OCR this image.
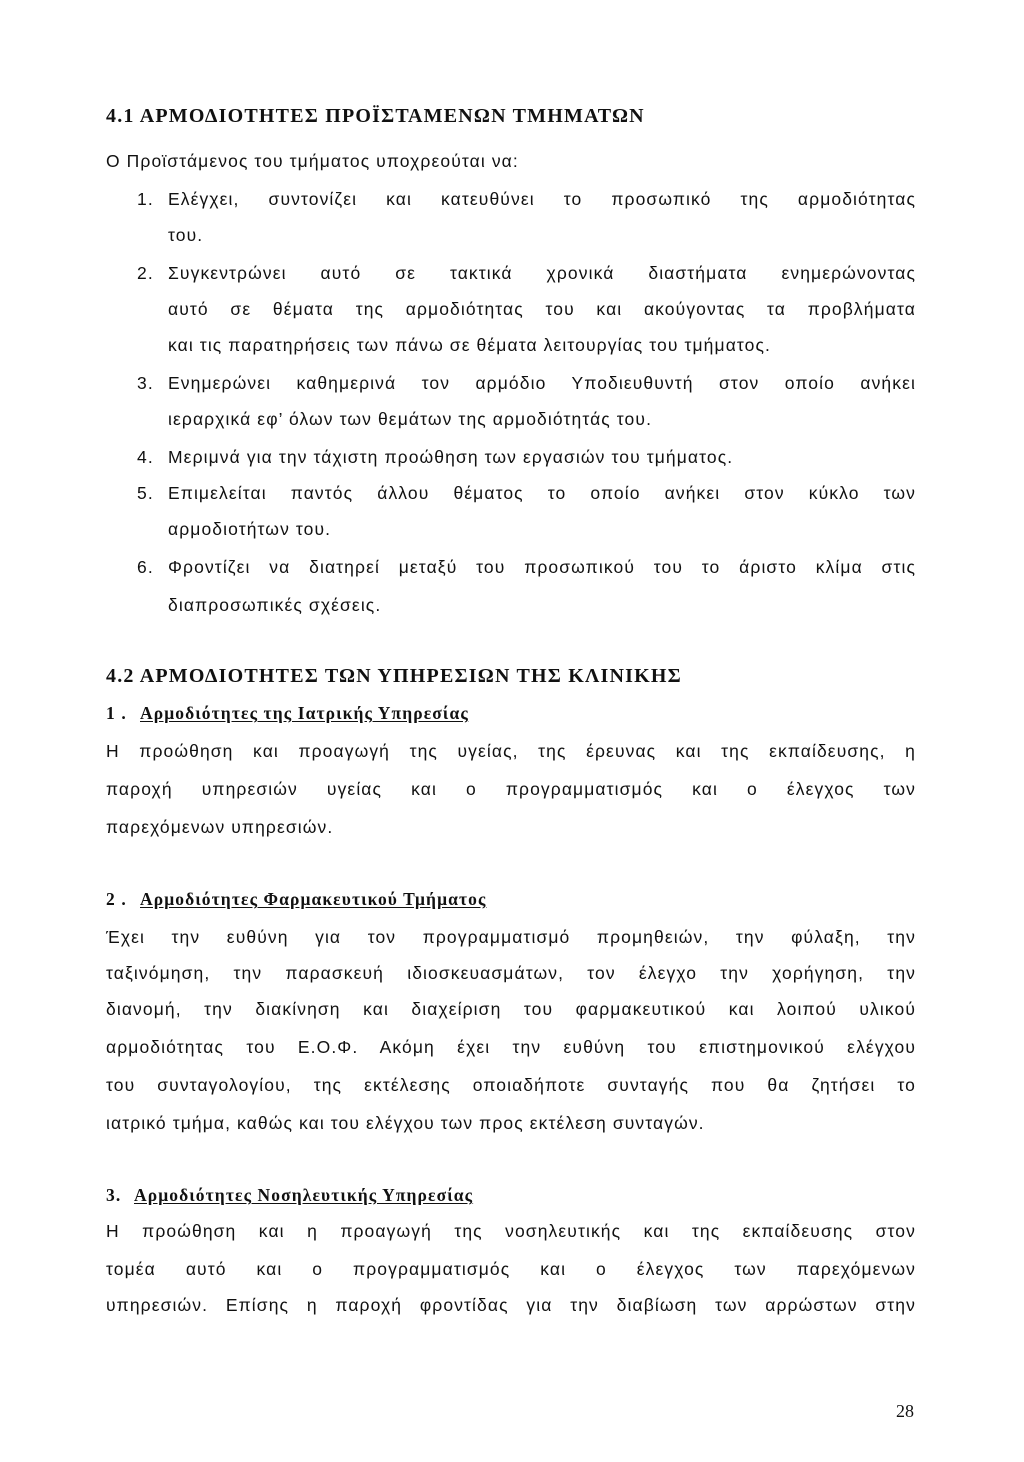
4.1 ΑΡΜΟΔΙΟΤΗΤΕΣ ΠΡΟΪΣΤΑΜΕΝΩΝ ΤΜΗΜΑΤΩΝ
Ο Προϊστάμενος του τμήματος υποχρεούται να:
1. Ελέγχει, συντονίζει και κατευθύνει το προσωπικό της αρμοδιότητας
του.
2. Συγκεντρώνει αυτό σε τακτικά χρονικά διαστήματα ενημερώνοντας
αυτό σε θέματα της αρμοδιότητας του και ακούγοντας τα προβλήματα
και τις παρατηρήσεις των πάνω σε θέματα λειτουργίας του τμήματος.
3. Ενημερώνει καθημερινά τον αρμόδιο Υποδιευθυντή στον οποίο ανήκει
ιεραρχικά εφ’ όλων των θεμάτων της αρμοδιότητάς του.
4. Μεριμνά για την τάχιστη προώθηση των εργασιών του τμήματος.
5. Επιμελείται παντός άλλου θέματος το οποίο ανήκει στον κύκλο των
αρμοδιοτήτων του.
6. Φροντίζει να διατηρεί μεταξύ του προσωπικού του το άριστο κλίμα στις
διαπροσωπικές σχέσεις.
4.2 ΑΡΜΟΔΙΟΤΗΤΕΣ ΤΩΝ ΥΠΗΡΕΣΙΩΝ ΤΗΣ ΚΛΙΝΙΚΗΣ
1 . Αρμοδιότητες της Ιατρικής Υπηρεσίας
Η προώθηση και προαγωγή της υγείας, της έρευνας και της εκπαίδευσης, η
παροχή υπηρεσιών υγείας και ο προγραμματισμός και ο έλεγχος των
παρεχόμενων υπηρεσιών.
2 . Αρμοδιότητες Φαρμακευτικού Τμήματος
Έχει την ευθύνη για τον προγραμματισμό προμηθειών, την φύλαξη, την
ταξινόμηση, την παρασκευή ιδιοσκευασμάτων, τον έλεγχο την χορήγηση, την
διανομή, την διακίνηση και διαχείριση του φαρμακευτικού και λοιπού υλικού
αρμοδιότητας του Ε.Ο.Φ. Ακόμη έχει την ευθύνη του επιστημονικού ελέγχου
του συνταγολογίου, της εκτέλεσης οποιαδήποτε συνταγής που θα ζητήσει το
ιατρικό τμήμα, καθώς και του ελέγχου των προς εκτέλεση συνταγών.
3. Αρμοδιότητες Νοσηλευτικής Υπηρεσίας
Η προώθηση και η προαγωγή της νοσηλευτικής και της εκπαίδευσης στον
τομέα αυτό και ο προγραμματισμός και ο έλεγχος των παρεχόμενων
υπηρεσιών. Επίσης η παροχή φροντίδας για την διαβίωση των αρρώστων στην
28
